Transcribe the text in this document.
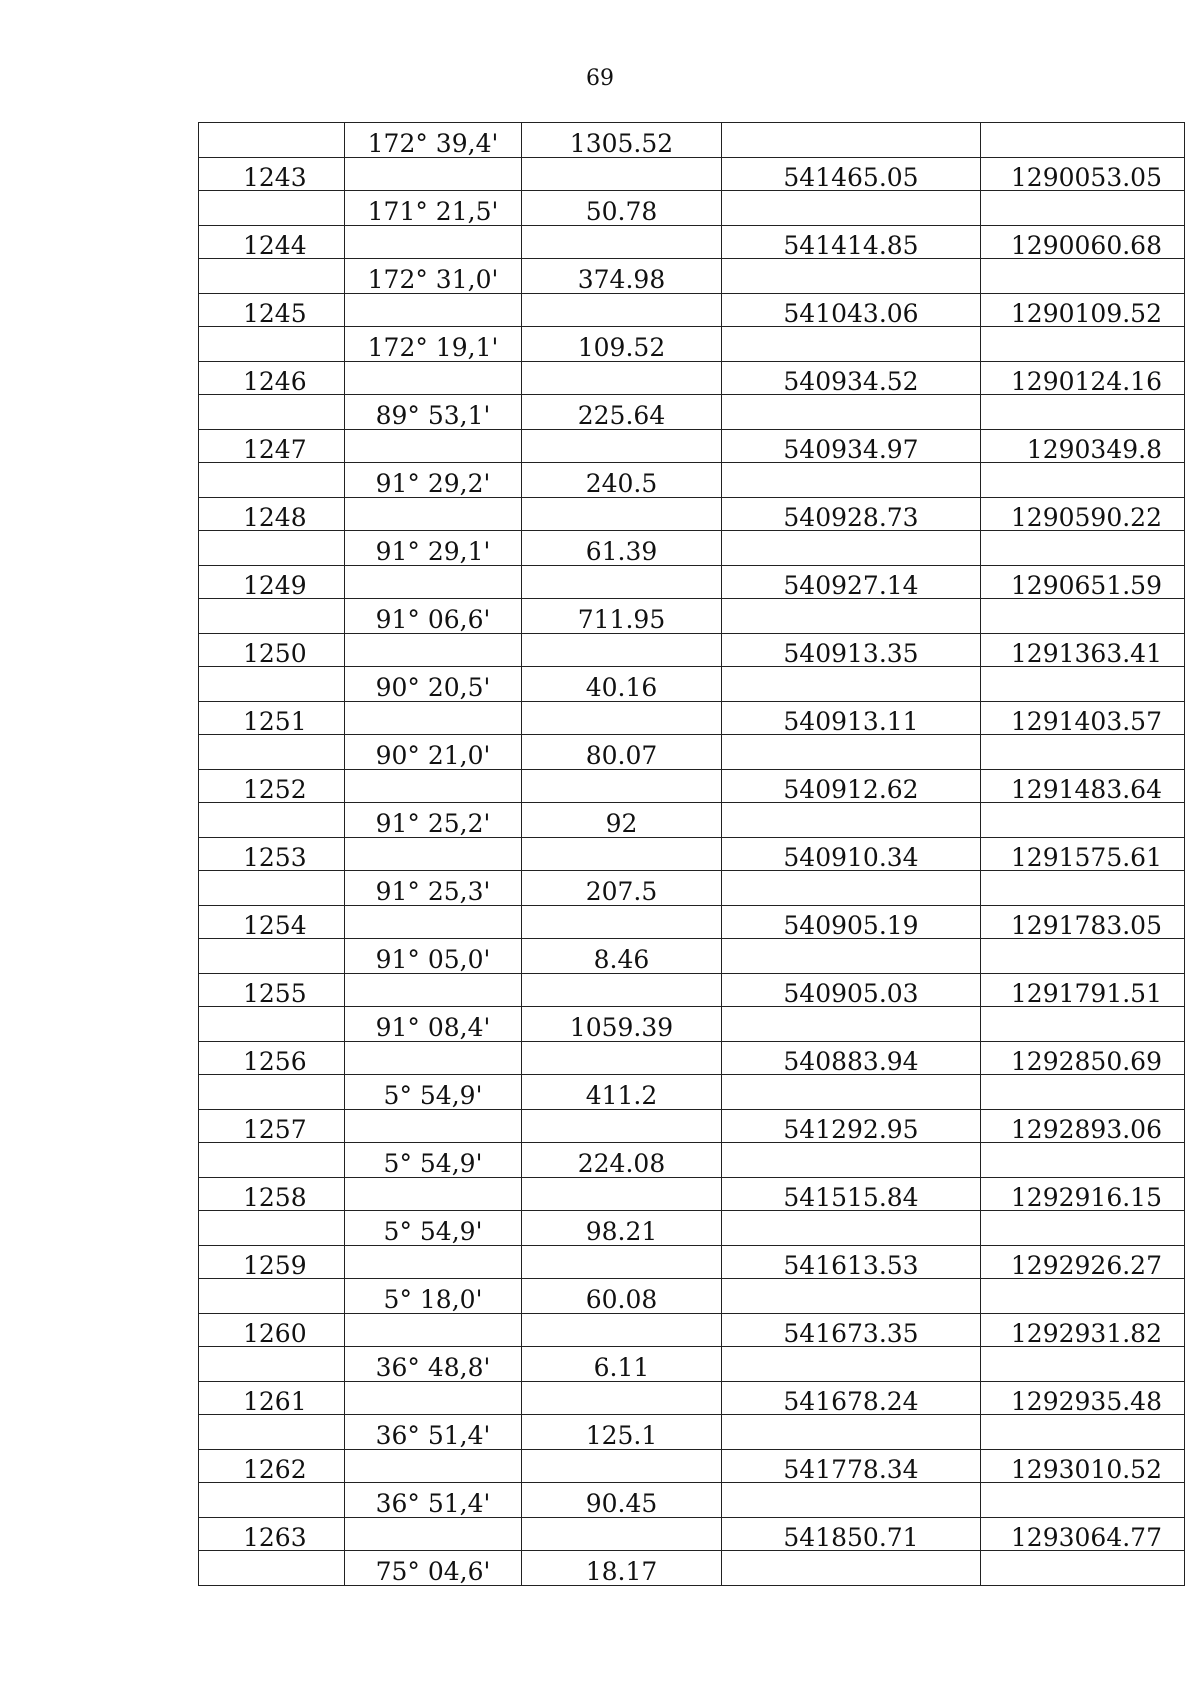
69
	172° 39,4'	1305.52		
1243			541465.05	1290053.05
	171° 21,5'	50.78		
1244			541414.85	1290060.68
	172° 31,0'	374.98		
1245			541043.06	1290109.52
	172° 19,1'	109.52		
1246			540934.52	1290124.16
	89° 53,1'	225.64		
1247			540934.97	1290349.8
	91° 29,2'	240.5		
1248			540928.73	1290590.22
	91° 29,1'	61.39		
1249			540927.14	1290651.59
	91° 06,6'	711.95		
1250			540913.35	1291363.41
	90° 20,5'	40.16		
1251			540913.11	1291403.57
	90° 21,0'	80.07		
1252			540912.62	1291483.64
	91° 25,2'	92		
1253			540910.34	1291575.61
	91° 25,3'	207.5		
1254			540905.19	1291783.05
	91° 05,0'	8.46		
1255			540905.03	1291791.51
	91° 08,4'	1059.39		
1256			540883.94	1292850.69
	5° 54,9'	411.2		
1257			541292.95	1292893.06
	5° 54,9'	224.08		
1258			541515.84	1292916.15
	5° 54,9'	98.21		
1259			541613.53	1292926.27
	5° 18,0'	60.08		
1260			541673.35	1292931.82
	36° 48,8'	6.11		
1261			541678.24	1292935.48
	36° 51,4'	125.1		
1262			541778.34	1293010.52
	36° 51,4'	90.45		
1263			541850.71	1293064.77
	75° 04,6'	18.17		
